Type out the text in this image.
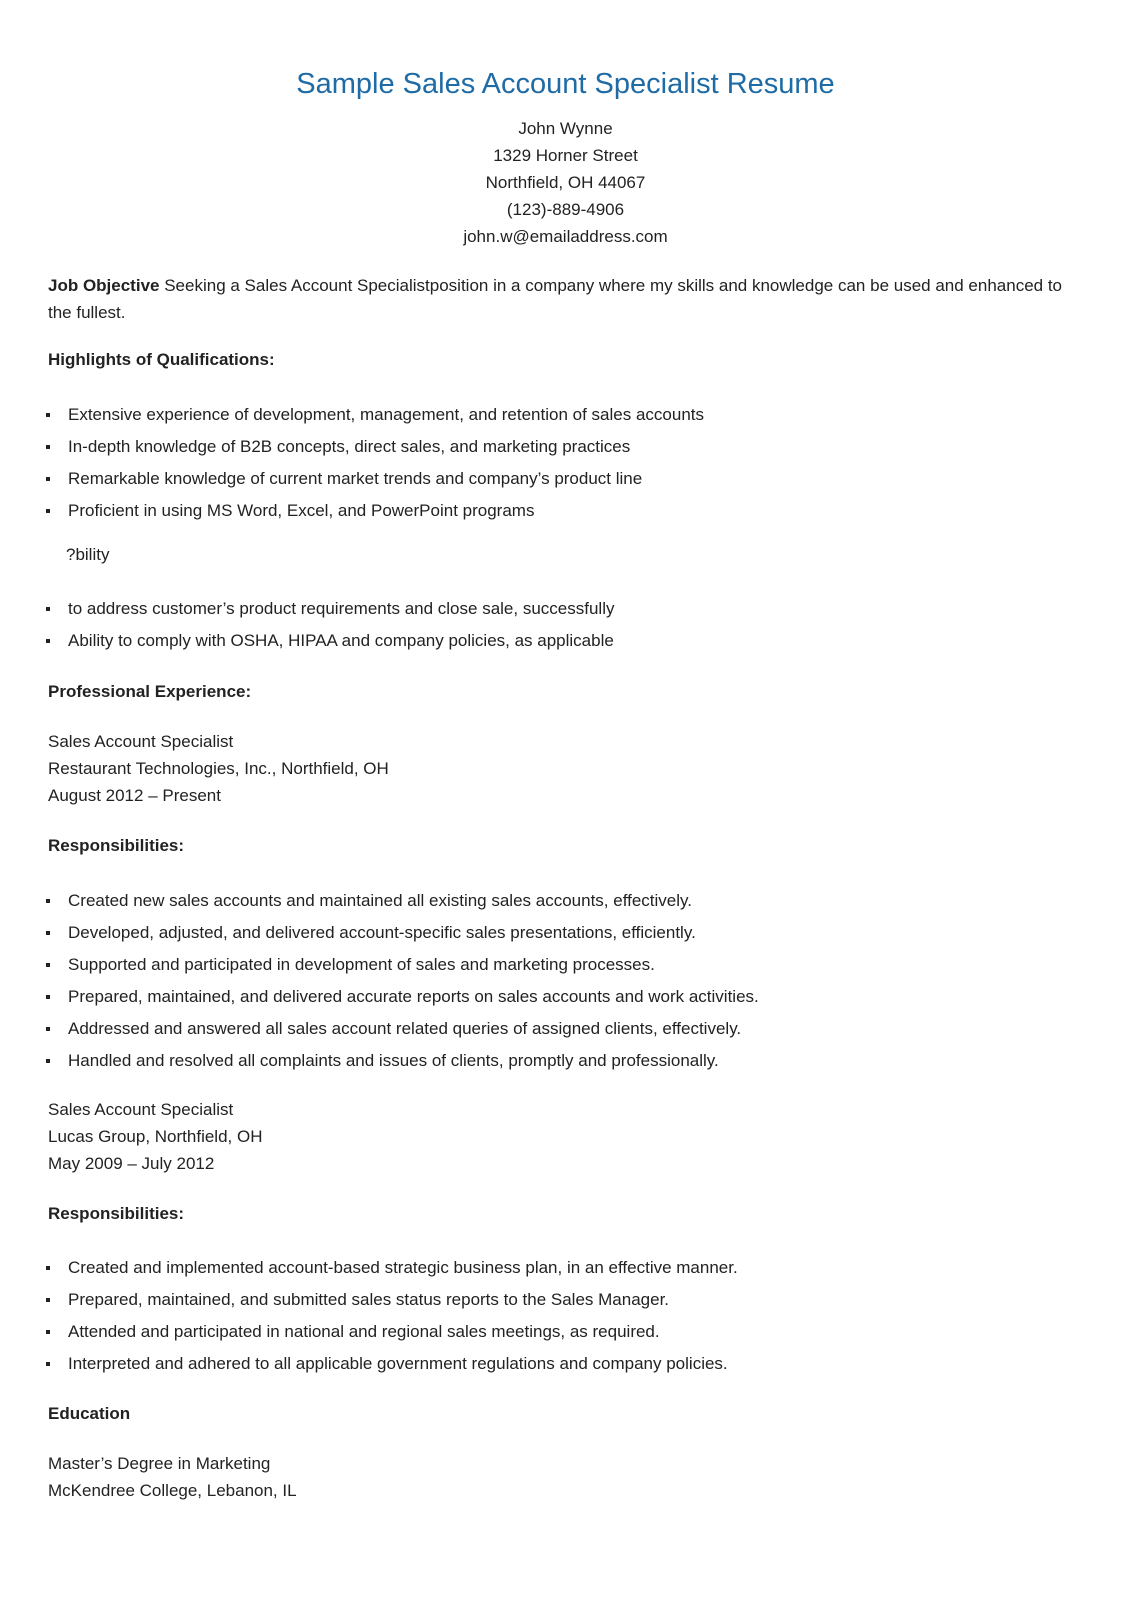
Sample Sales Account Specialist Resume
John Wynne
1329 Horner Street
Northfield, OH 44067
(123)-889-4906
john.w@emailaddress.com
Job Objective Seeking a Sales Account Specialistposition in a company where my skills and knowledge can be used and enhanced to the fullest.
Highlights of Qualifications:
Extensive experience of development, management, and retention of sales accounts
In-depth knowledge of B2B concepts, direct sales, and marketing practices
Remarkable knowledge of current market trends and company’s product line
Proficient in using MS Word, Excel, and PowerPoint programs
?bility
to address customer’s product requirements and close sale, successfully
Ability to comply with OSHA, HIPAA and company policies, as applicable
Professional Experience:
Sales Account Specialist
Restaurant Technologies, Inc., Northfield, OH
August 2012 – Present
Responsibilities:
Created new sales accounts and maintained all existing sales accounts, effectively.
Developed, adjusted, and delivered account-specific sales presentations, efficiently.
Supported and participated in development of sales and marketing processes.
Prepared, maintained, and delivered accurate reports on sales accounts and work activities.
Addressed and answered all sales account related queries of assigned clients, effectively.
Handled and resolved all complaints and issues of clients, promptly and professionally.
Sales Account Specialist
Lucas Group, Northfield, OH
May 2009 – July 2012
Responsibilities:
Created and implemented account-based strategic business plan, in an effective manner.
Prepared, maintained, and submitted sales status reports to the Sales Manager.
Attended and participated in national and regional sales meetings, as required.
Interpreted and adhered to all applicable government regulations and company policies.
Education
Master’s Degree in Marketing
McKendree College, Lebanon, IL
